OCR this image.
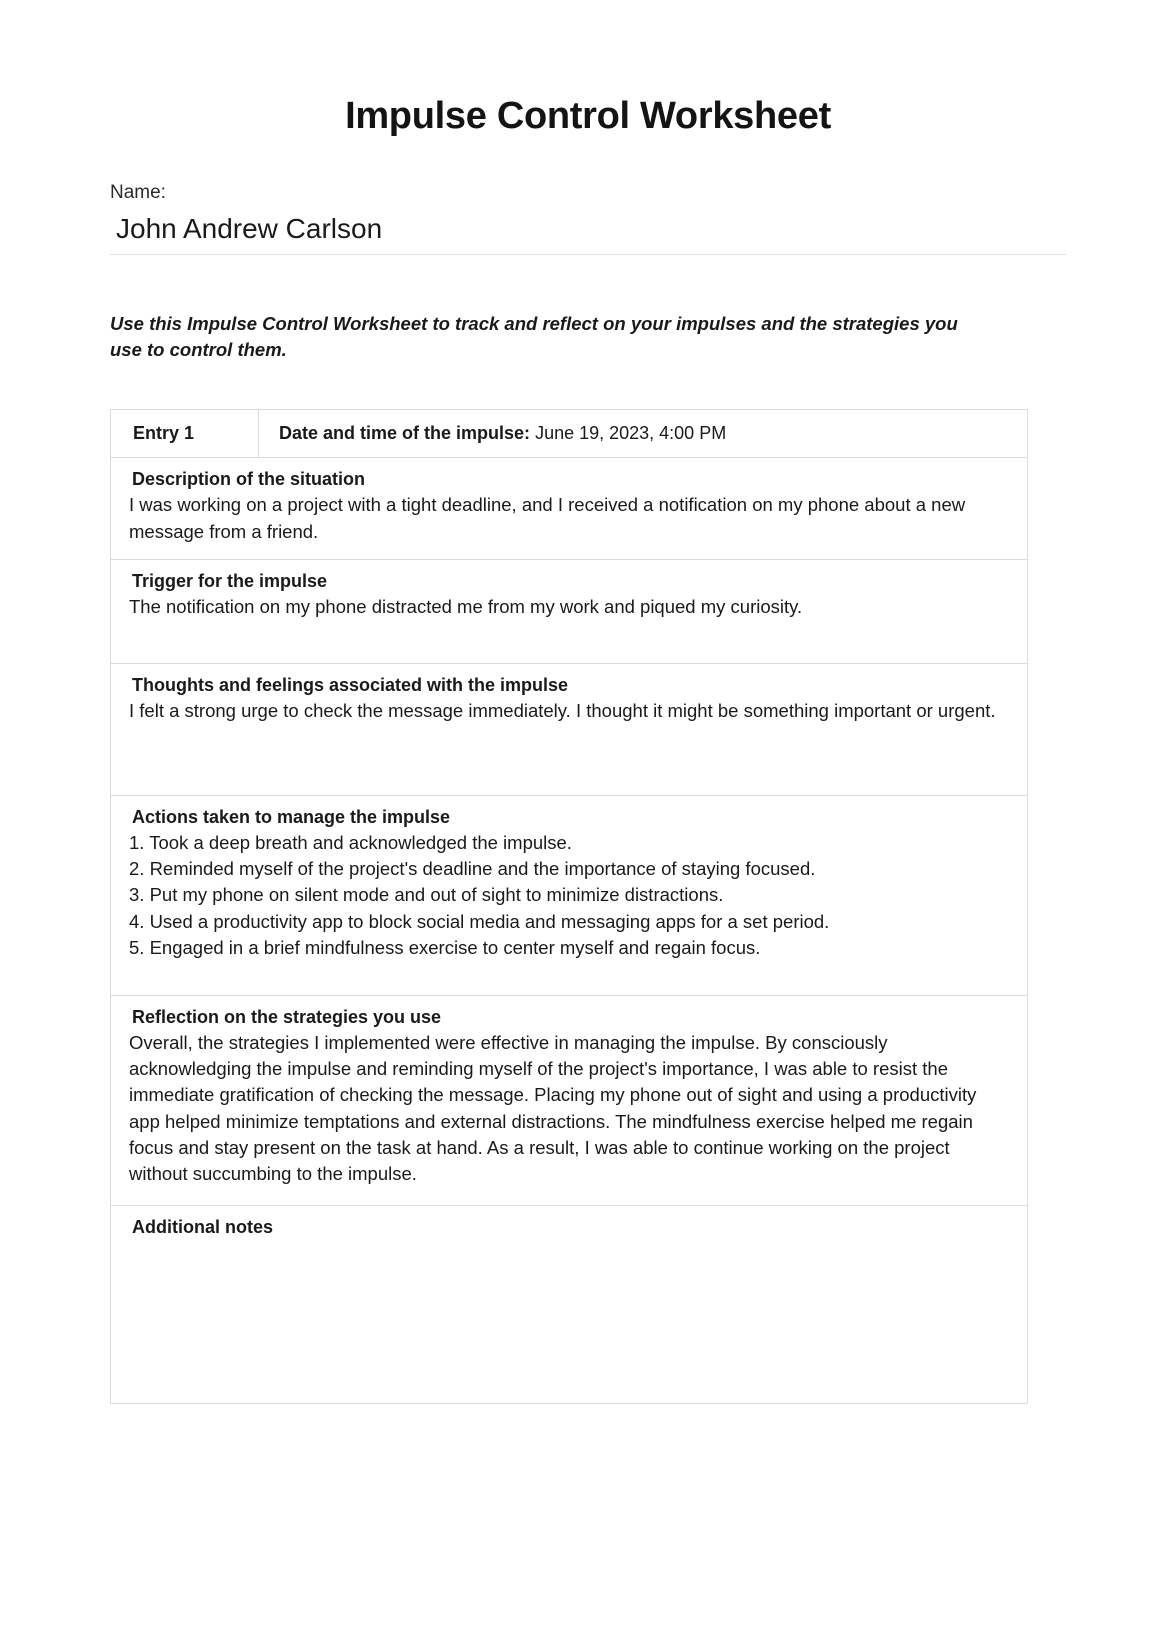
Impulse Control Worksheet
Name:
John Andrew Carlson
Use this Impulse Control Worksheet to track and reflect on your impulses and the strategies you use to control them.
Entry 1	Date and time of the impulse: June 19, 2023, 4:00 PM
Description of the situation
I was working on a project with a tight deadline, and I received a notification on my phone about a new message from a friend.
Trigger for the impulse
The notification on my phone distracted me from my work and piqued my curiosity.
Thoughts and feelings associated with the impulse
I felt a strong urge to check the message immediately. I thought it might be something important or urgent.
Actions taken to manage the impulse
1. Took a deep breath and acknowledged the impulse.
2. Reminded myself of the project's deadline and the importance of staying focused.
3. Put my phone on silent mode and out of sight to minimize distractions.
4. Used a productivity app to block social media and messaging apps for a set period.
5. Engaged in a brief mindfulness exercise to center myself and regain focus.
Reflection on the strategies you use
Overall, the strategies I implemented were effective in managing the impulse. By consciously acknowledging the impulse and reminding myself of the project's importance, I was able to resist the immediate gratification of checking the message. Placing my phone out of sight and using a productivity app helped minimize temptations and external distractions. The mindfulness exercise helped me regain focus and stay present on the task at hand. As a result, I was able to continue working on the project without succumbing to the impulse.
Additional notes
